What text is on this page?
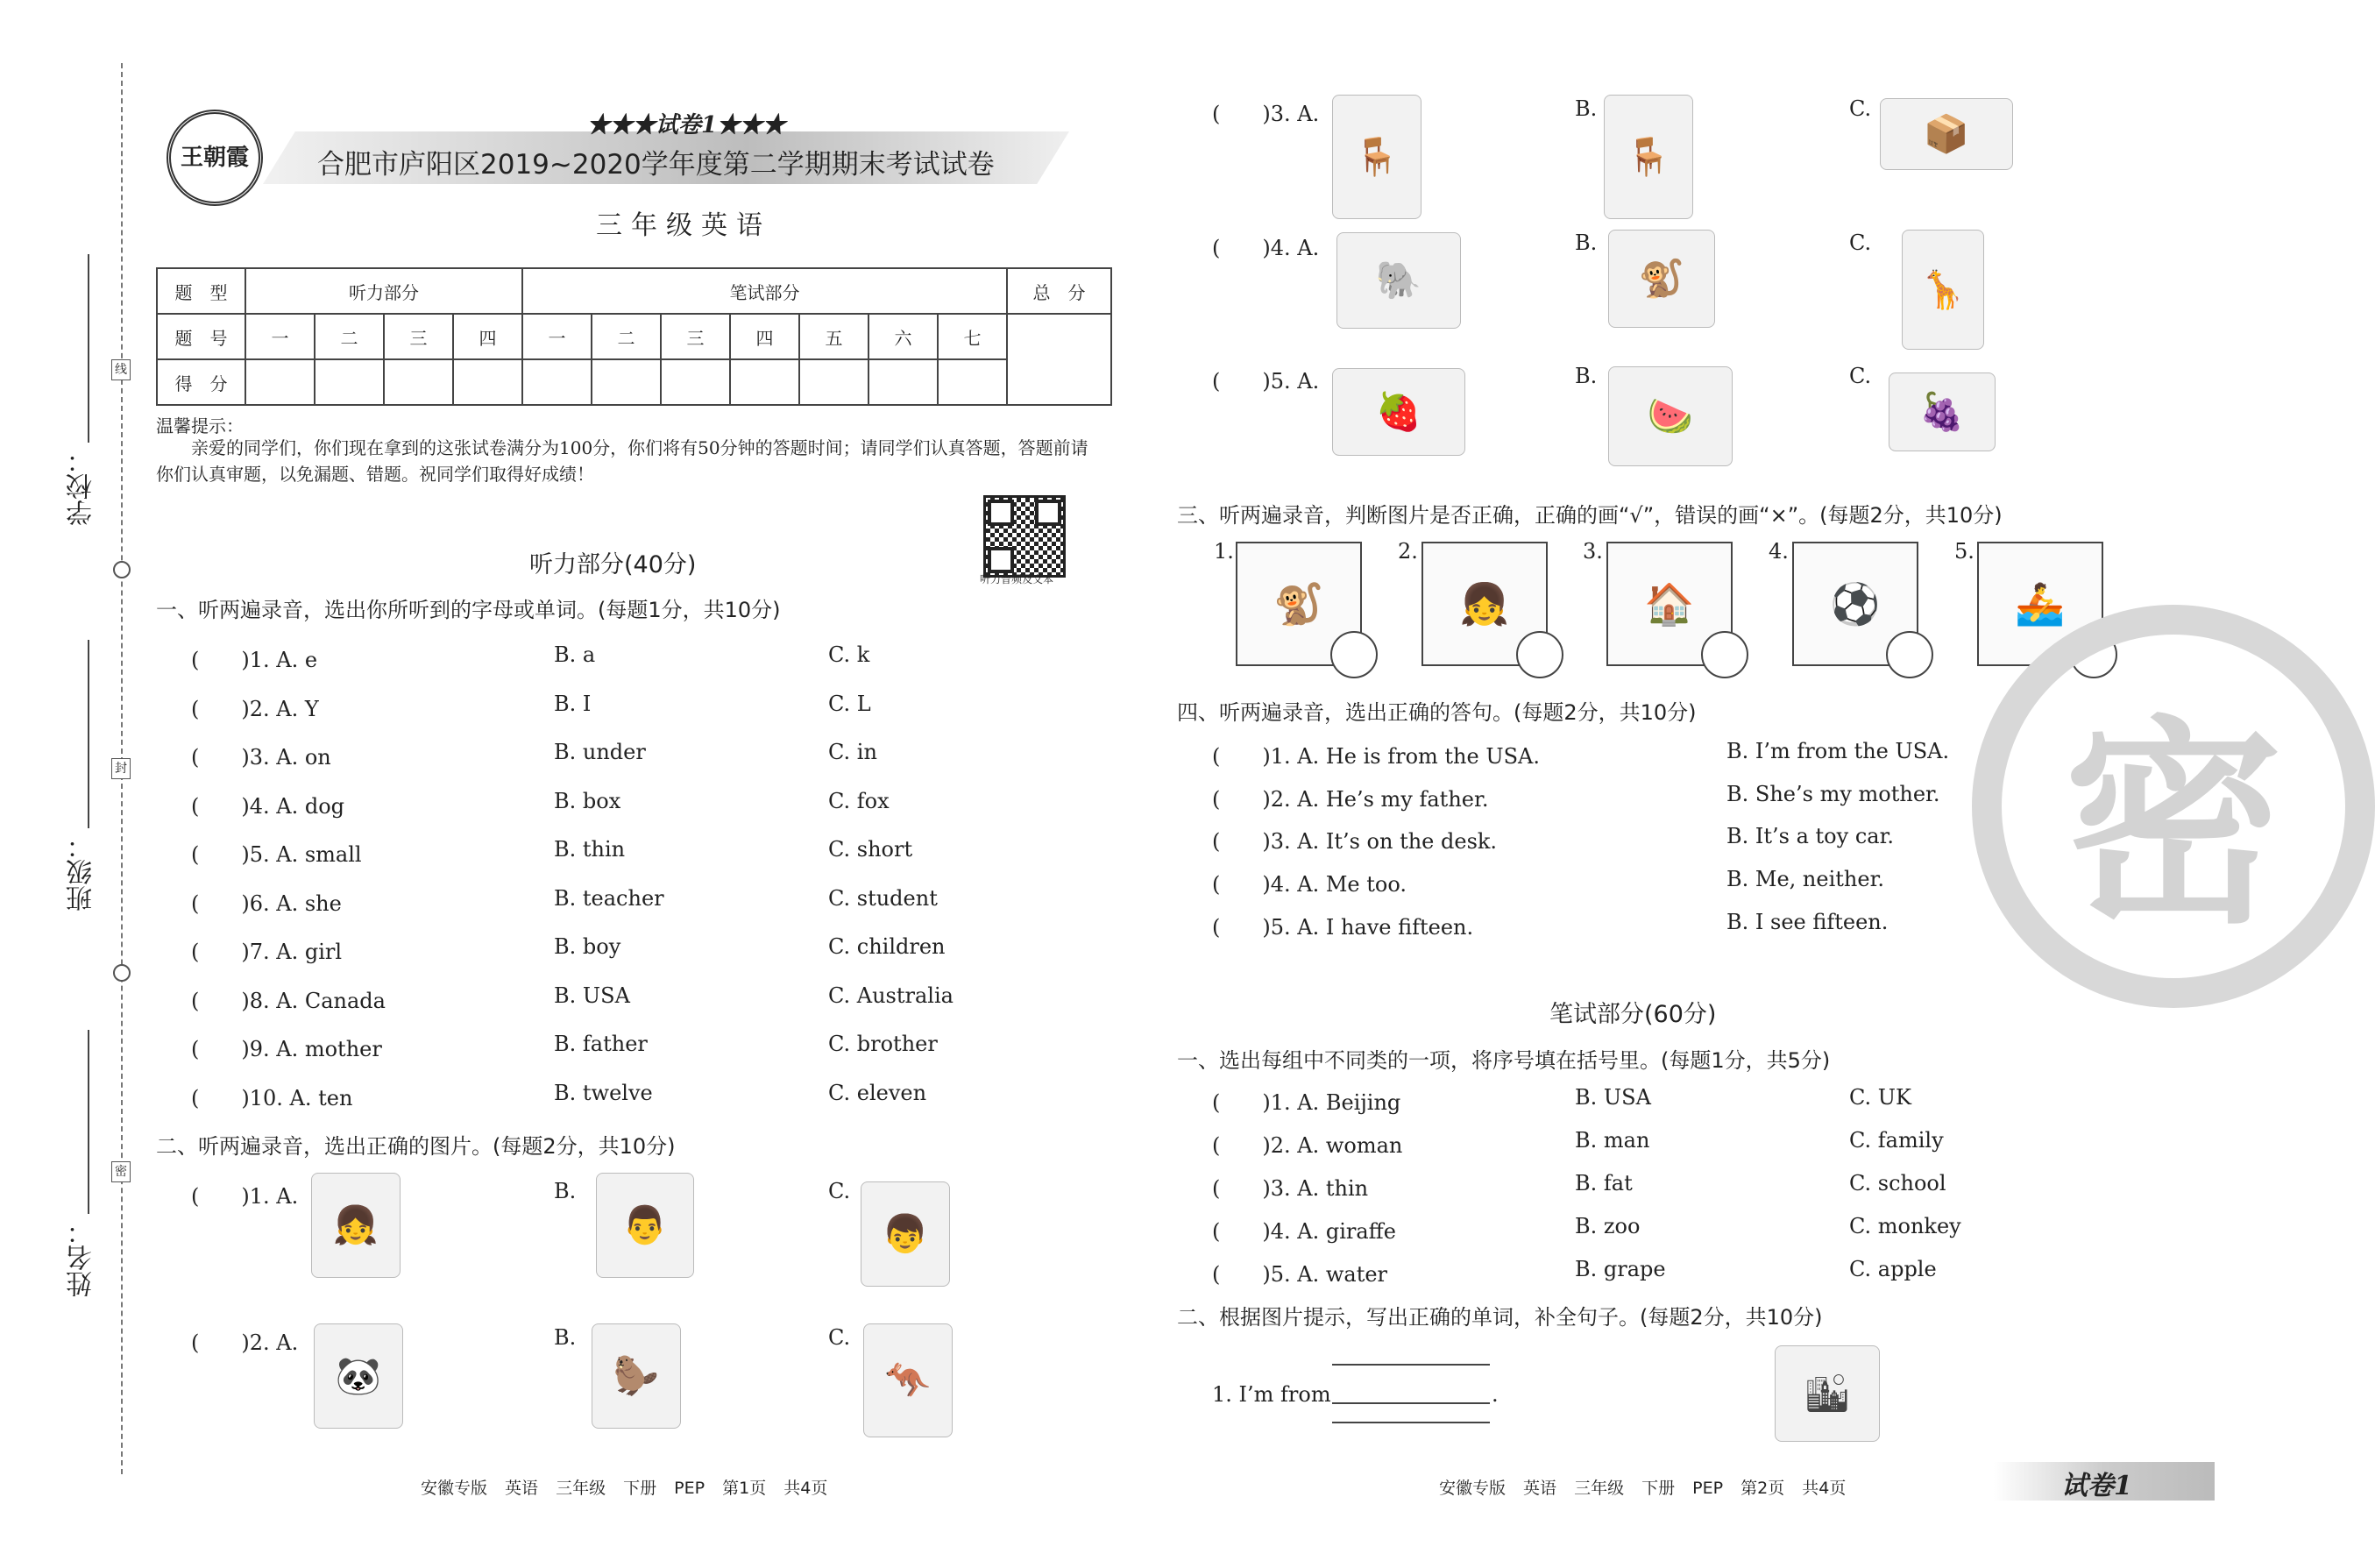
学校：
班级：
姓名：
线
封
密
王朝霞
★★★试卷1★★★
合肥市庐阳区2019~2020学年度第二学期期末考试试卷
三年级英语
题　型	听力部分				笔试部分							总　分
题　号	一	二	三	四	一	二	三	四	五	六	七	
得　分												
温馨提示：
亲爱的同学们，你们现在拿到的这张试卷满分为100分，你们将有50分钟的答题时间；请同学们认真答题，答题前请你们认真审题，以免漏题、错题。祝同学们取得好成绩！
听力音频及文本
听力部分(40分)
一、听两遍录音，选出你所听到的字母或单词。(每题1分，共10分)
(　　)1. A. e	B. a	C. k
(　　)2. A. Y	B. I	C. L
(　　)3. A. on	B. under	C. in
(　　)4. A. dog	B. box	C. fox
(　　)5. A. small	B. thin	C. short
(　　)6. A. she	B. teacher	C. student
(　　)7. A. girl	B. boy	C. children
(　　)8. A. Canada	B. USA	C. Australia
(　　)9. A. mother	B. father	C. brother
(　　)10. A. ten	B. twelve	C. eleven
二、听两遍录音，选出正确的图片。(每题2分，共10分)
(　　)1. A.
👧
B.
👨
C.
👦
(　　)2. A.
🐼
B.
🦫
C.
🦘
(　　)3. A.
🪑
B.
🪑
C.
📦
(　　)4. A.
🐘
B.
🐒
C.
🦒
(　　)5. A.
🍓
B.
🍉
C.
🍇
三、听两遍录音，判断图片是否正确，正确的画“√”，错误的画“×”。(每题2分，共10分)
1.
🐒
2.
👧
3.
🏠
4.
⚽
5.
🚣
四、听两遍录音，选出正确的答句。(每题2分，共10分)
(　　)1. A. He is from the USA.	B. I’m from the USA.
(　　)2. A. He’s my father.	B. She’s my mother.
(　　)3. A. It’s on the desk.	B. It’s a toy car.
(　　)4. A. Me too.	B. Me, neither.
(　　)5. A. I have fifteen.	B. I see fifteen. 密
笔试部分(60分)
一、选出每组中不同类的一项，将序号填在括号里。(每题1分，共5分)
(　　)1. A. Beijing	B. USA	C. UK
(　　)2. A. woman	B. man	C. family
(　　)3. A. thin	B. fat	C. school
(　　)4. A. giraffe	B. zoo	C. monkey
(　　)5. A. water	B. grape	C. apple
二、根据图片提示，写出正确的单词，补全句子。(每题2分，共10分)
1. I’m from	.	🏙
安徽专版 英语 三年级 下册 PEP 第1页 共4页	安徽专版 英语 三年级 下册 PEP 第2页 共4页	试卷1
